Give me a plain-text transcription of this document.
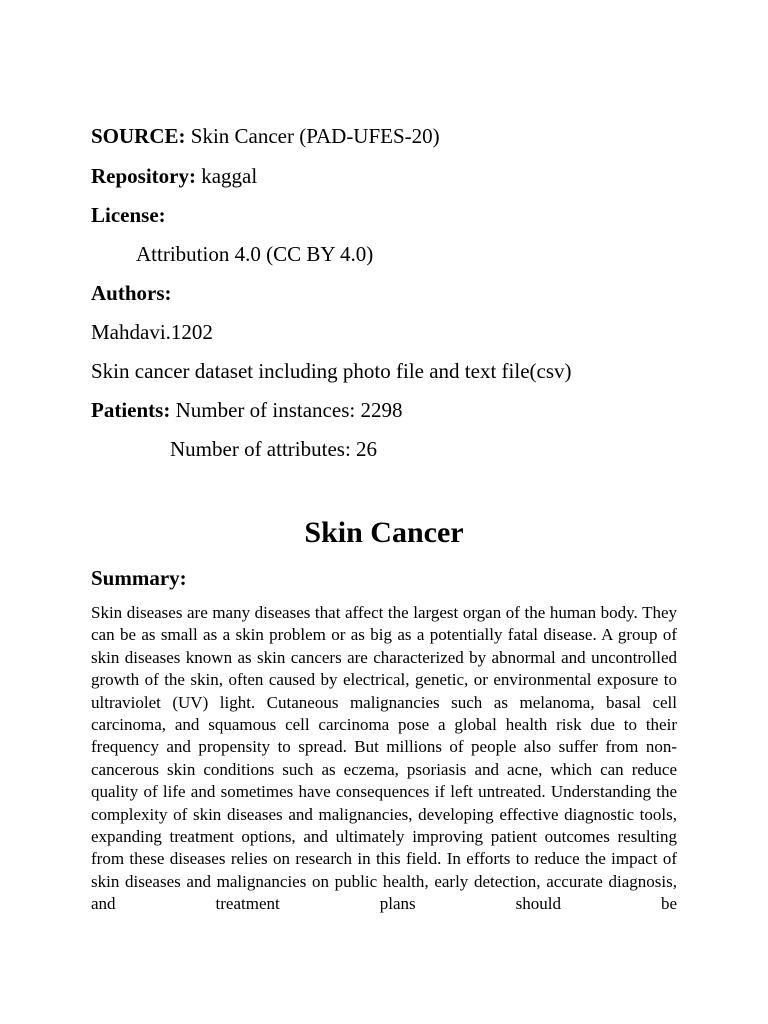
SOURCE: Skin Cancer (PAD-UFES-20)
Repository: kaggal
License:
Attribution 4.0 (CC BY 4.0)
Authors:
Mahdavi.1202
Skin cancer dataset including photo file and text file(csv)
Patients: Number of instances: 2298
Number of attributes: 26
Skin Cancer
Summary:

Skin diseases are many diseases that affect the largest organ of the human body. They can be as small as a skin problem or as big as a potentially fatal disease. A group of skin diseases known as skin cancers are characterized by abnormal and uncontrolled growth of the skin, often caused by electrical, genetic, or environmental exposure to ultraviolet (UV) light. Cutaneous malignancies such as melanoma, basal cell carcinoma, and squamous cell carcinoma pose a global health risk due to their frequency and propensity to spread. But millions of people also suffer from non-cancerous skin conditions such as eczema, psoriasis and acne, which can reduce quality of life and sometimes have consequences if left untreated. Understanding the complexity of skin diseases and malignancies, developing effective diagnostic tools, expanding treatment options, and ultimately improving patient outcomes resulting from these diseases relies on research in this field. In efforts to reduce the impact of skin diseases and malignancies on public health, early detection, accurate diagnosis, and treatment plans should be
